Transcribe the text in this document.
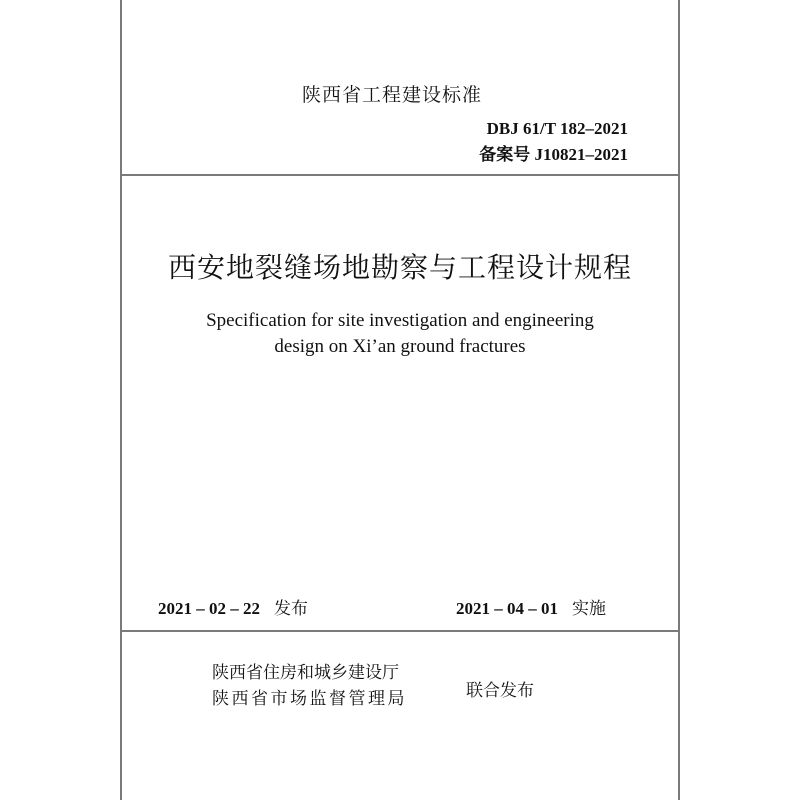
陕西省工程建设标准
DBJ 61/T 182–2021
备案号 J10821–2021
西安地裂缝场地勘察与工程设计规程
Specification for site investigation and engineering
design on Xi’an ground fractures
2021 – 02 – 22 发布	2021 – 04 – 01 实施
陕西省住房和城乡建设厅
陕西省市场监督管理局	联合发布
